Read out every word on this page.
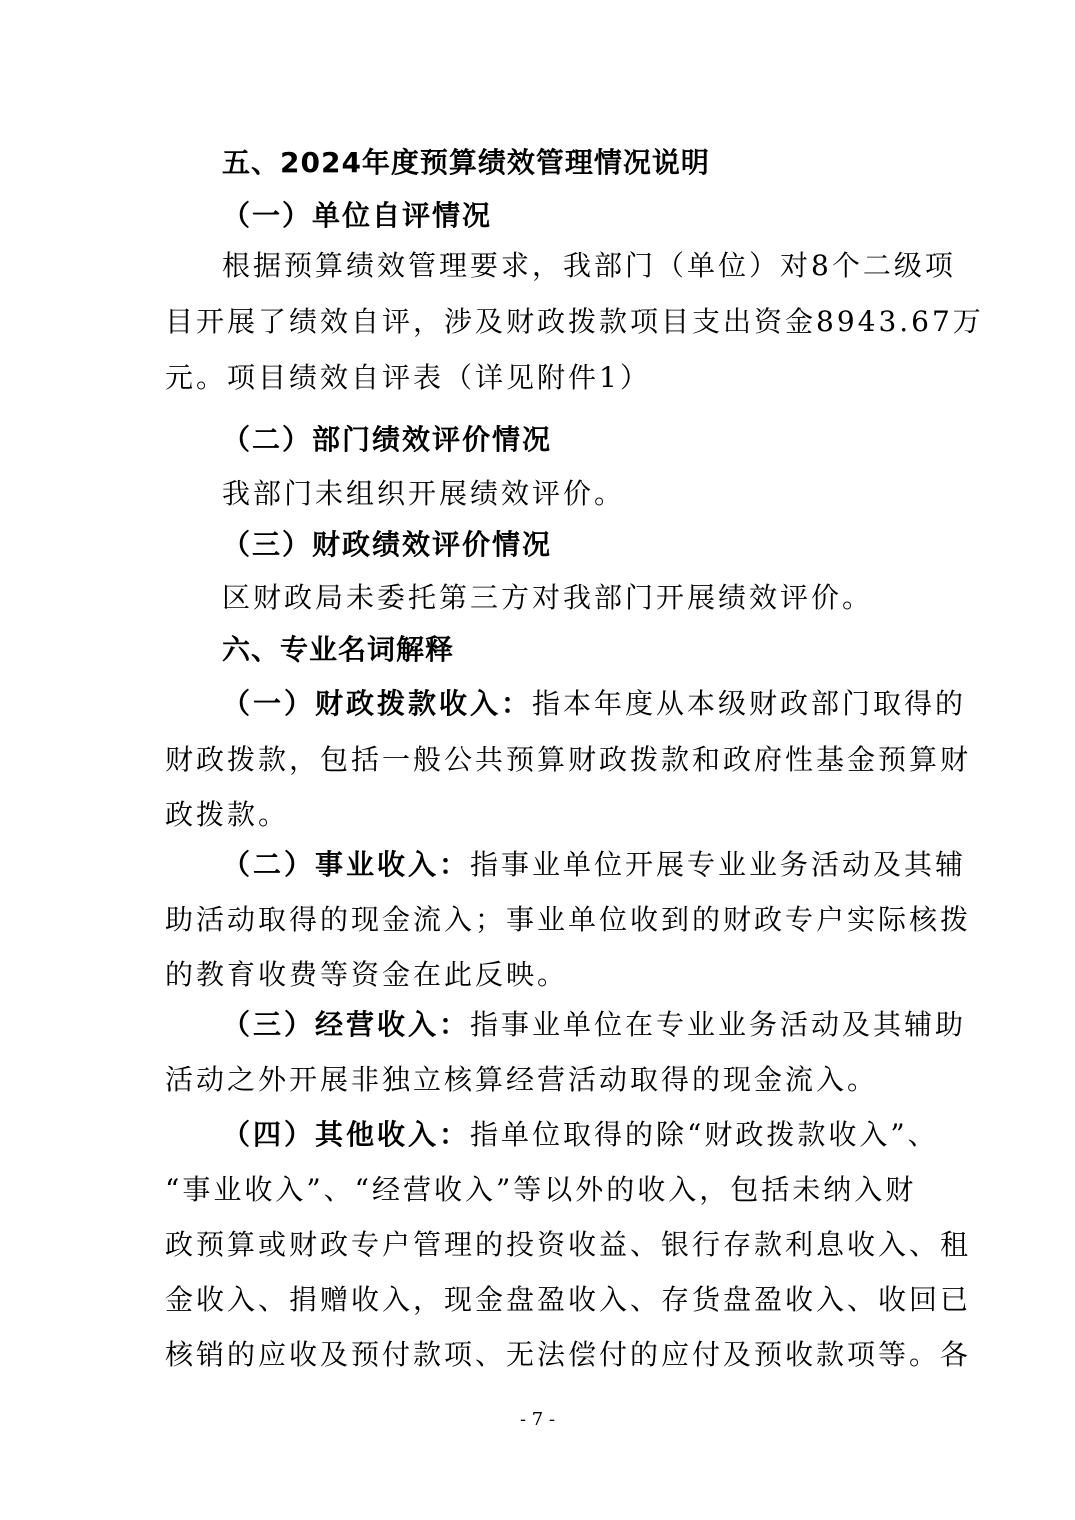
五、2024年度预算绩效管理情况说明
（一）单位自评情况
根据预算绩效管理要求，我部门（单位）对8个二级项
目开展了绩效自评，涉及财政拨款项目支出资金8943.67万
元。项目绩效自评表（详见附件1）
（二）部门绩效评价情况
我部门未组织开展绩效评价。
（三）财政绩效评价情况
区财政局未委托第三方对我部门开展绩效评价。
六、专业名词解释
（一）财政拨款收入：指本年度从本级财政部门取得的
财政拨款，包括一般公共预算财政拨款和政府性基金预算财
政拨款。
（二）事业收入：指事业单位开展专业业务活动及其辅
助活动取得的现金流入；事业单位收到的财政专户实际核拨
的教育收费等资金在此反映。
（三）经营收入：指事业单位在专业业务活动及其辅助
活动之外开展非独立核算经营活动取得的现金流入。
（四）其他收入：指单位取得的除“财政拨款收入”、
“事业收入”、“经营收入”等以外的收入，包括未纳入财
政预算或财政专户管理的投资收益、银行存款利息收入、租
金收入、捐赠收入，现金盘盈收入、存货盘盈收入、收回已
核销的应收及预付款项、无法偿付的应付及预收款项等。各
- 7 -
